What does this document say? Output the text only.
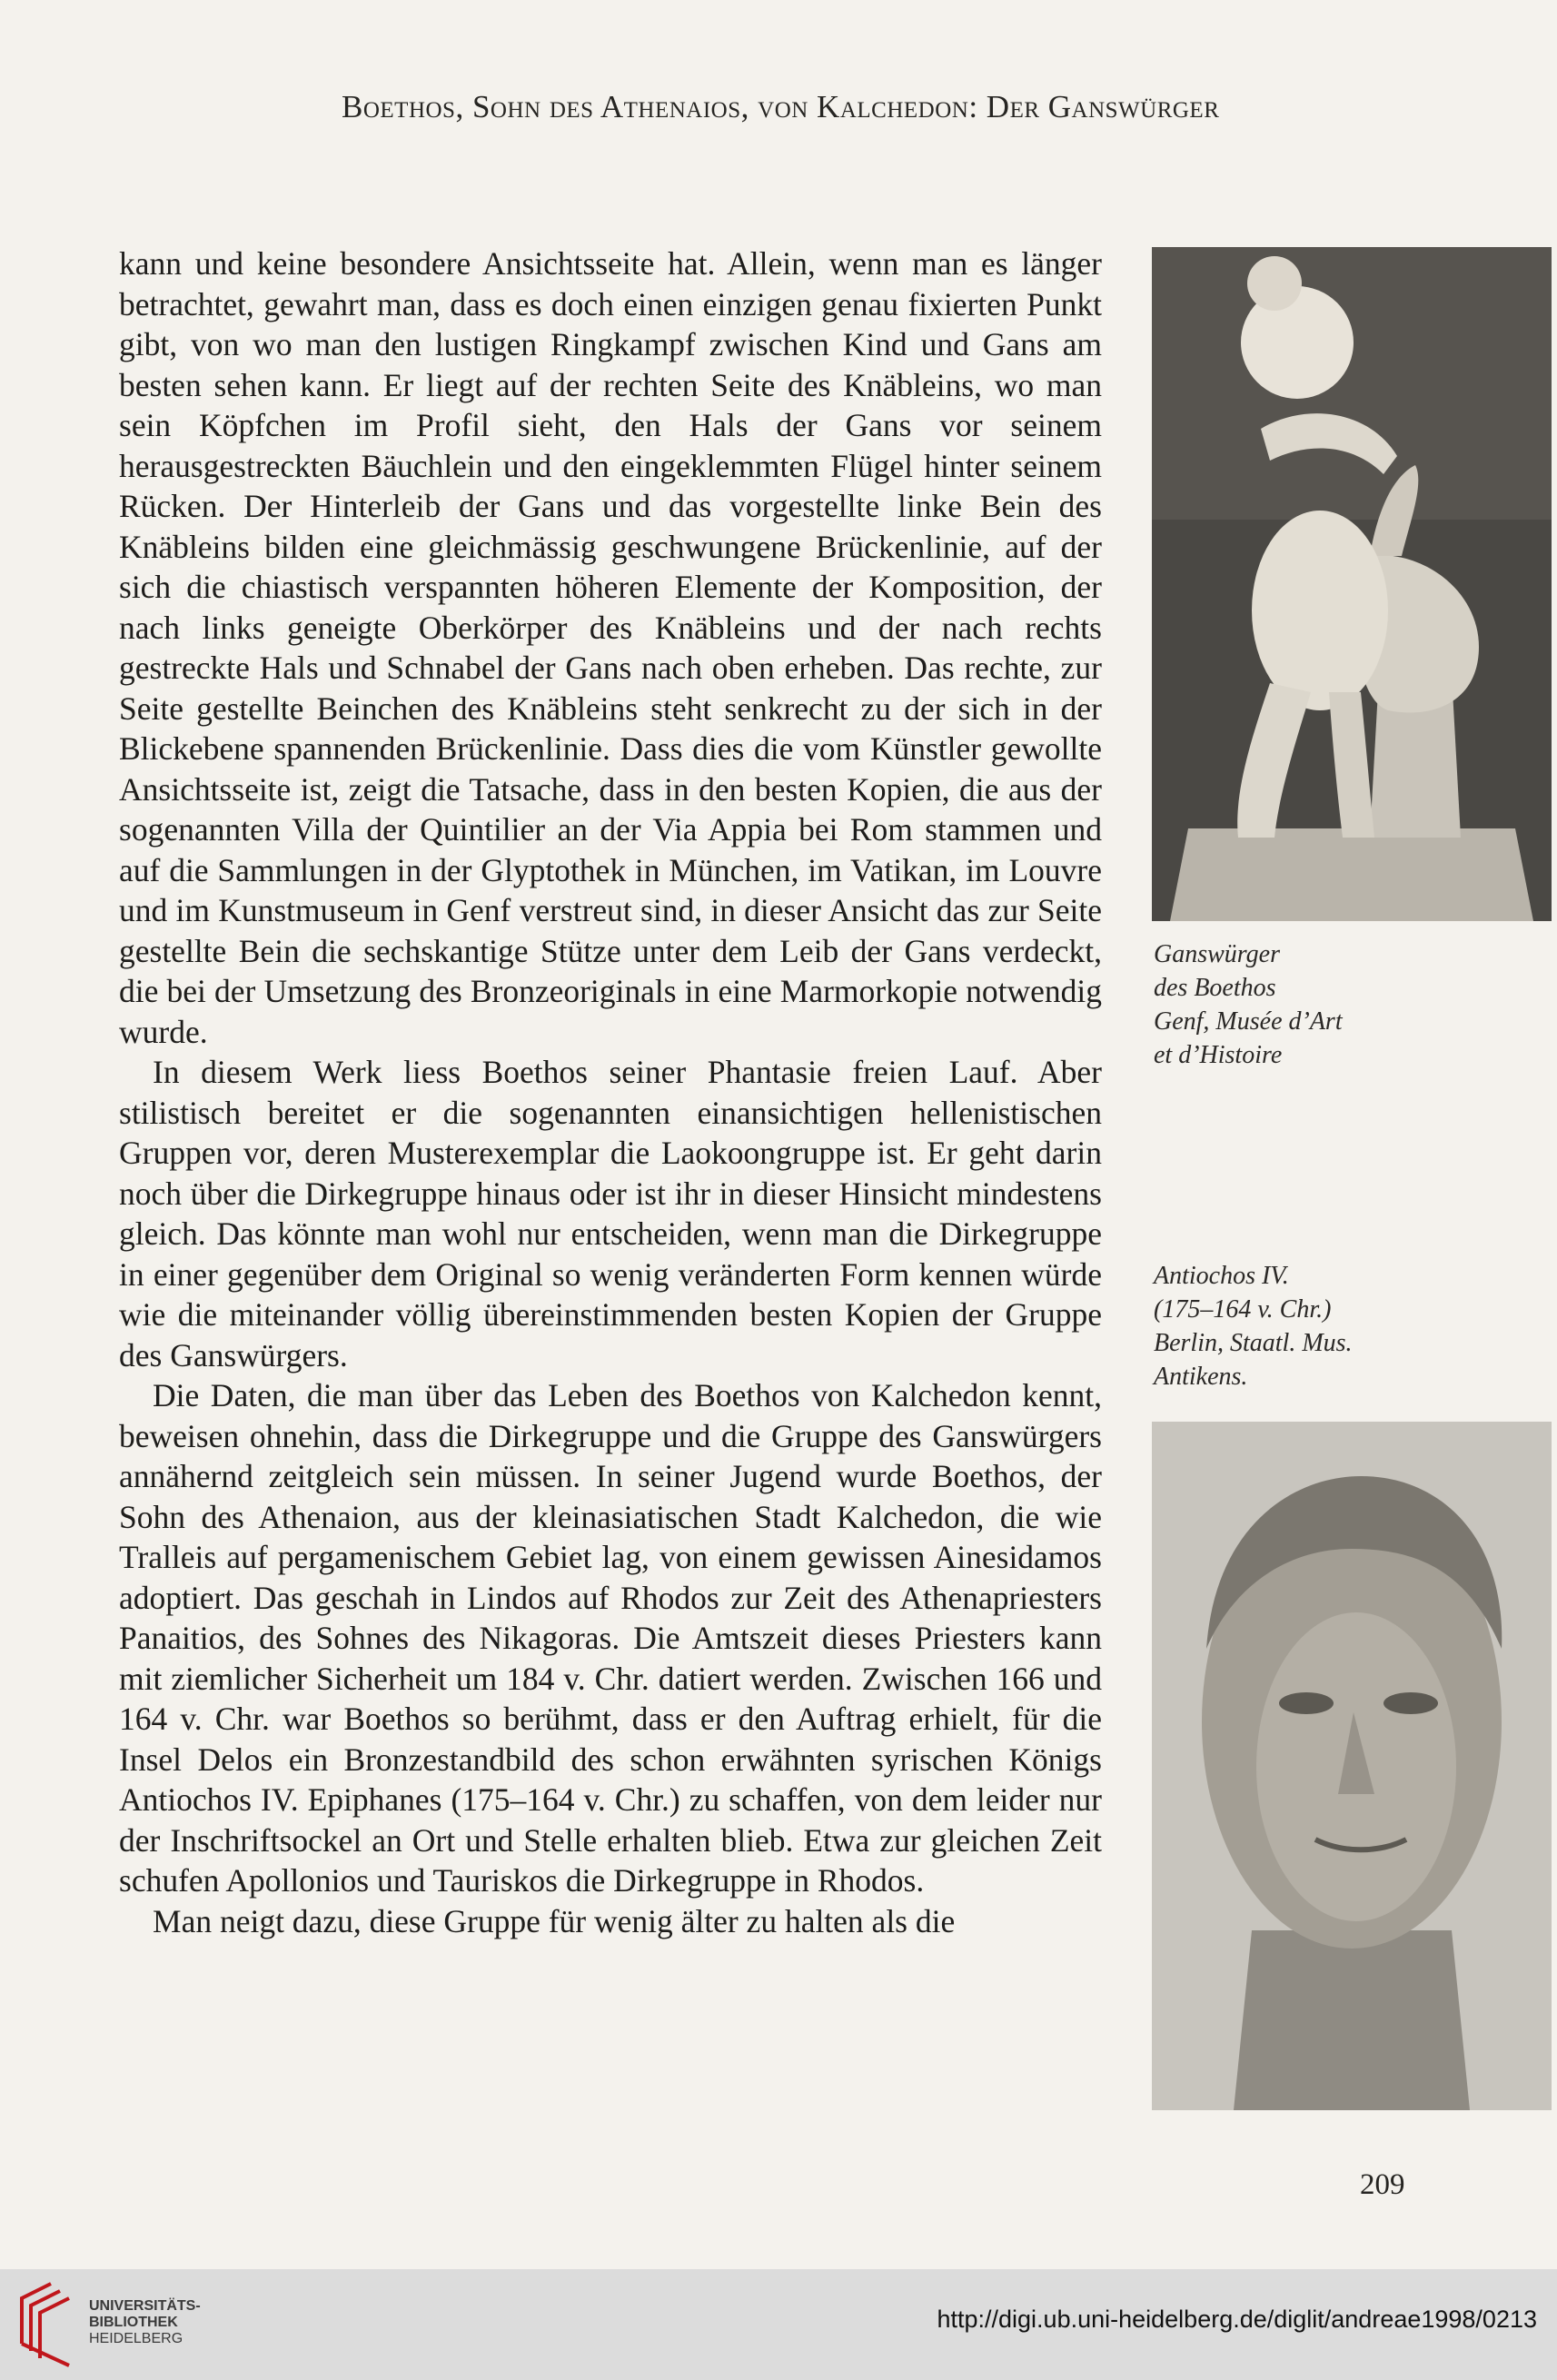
Boethos, Sohn des Athenaios, von Kalchedon: Der Ganswürger

kann und keine besondere Ansichtsseite hat. Allein, wenn man es länger betrachtet, gewahrt man, dass es doch einen einzigen genau fixierten Punkt gibt, von wo man den lustigen Ringkampf zwischen Kind und Gans am besten sehen kann. Er liegt auf der rechten Seite des Knäbleins, wo man sein Köpfchen im Profil sieht, den Hals der Gans vor seinem herausgestreckten Bäuchlein und den eingeklemmten Flügel hinter seinem Rücken. Der Hinterleib der Gans und das vorgestellte linke Bein des Knäbleins bilden eine gleichmässig geschwungene Brückenlinie, auf der sich die chiastisch verspannten höheren Elemente der Komposition, der nach links geneigte Oberkörper des Knäbleins und der nach rechts gestreckte Hals und Schnabel der Gans nach oben erheben. Das rechte, zur Seite gestellte Beinchen des Knäbleins steht senkrecht zu der sich in der Blickebene spannenden Brückenlinie. Dass dies die vom Künstler gewollte Ansichtsseite ist, zeigt die Tatsache, dass in den besten Kopien, die aus der sogenannten Villa der Quintilier an der Via Appia bei Rom stammen und auf die Sammlungen in der Glyptothek in München, im Vatikan, im Louvre und im Kunstmuseum in Genf verstreut sind, in dieser Ansicht das zur Seite gestellte Bein die sechskantige Stütze unter dem Leib der Gans verdeckt, die bei der Umsetzung des Bronzeoriginals in eine Marmorkopie notwendig wurde.

In diesem Werk liess Boethos seiner Phantasie freien Lauf. Aber stilistisch bereitet er die sogenannten einansichtigen hellenistischen Gruppen vor, deren Musterexemplar die Laokoongruppe ist. Er geht darin noch über die Dirkegruppe hinaus oder ist ihr in dieser Hinsicht mindestens gleich. Das könnte man wohl nur entscheiden, wenn man die Dirkegruppe in einer gegenüber dem Original so wenig veränderten Form kennen würde wie die miteinander völlig übereinstimmenden besten Kopien der Gruppe des Ganswürgers.

Die Daten, die man über das Leben des Boethos von Kalchedon kennt, beweisen ohnehin, dass die Dirkegruppe und die Gruppe des Ganswürgers annähernd zeitgleich sein müssen. In seiner Jugend wurde Boethos, der Sohn des Athenaion, aus der kleinasiatischen Stadt Kalchedon, die wie Tralleis auf pergamenischem Gebiet lag, von einem gewissen Ainesidamos adoptiert. Das geschah in Lindos auf Rhodos zur Zeit des Athenapriesters Panaitios, des Sohnes des Nikagoras. Die Amtszeit dieses Priesters kann mit ziemlicher Sicherheit um 184 v. Chr. datiert werden. Zwischen 166 und 164 v. Chr. war Boethos so berühmt, dass er den Auftrag erhielt, für die Insel Delos ein Bronzestandbild des schon erwähnten syrischen Königs Antiochos IV. Epiphanes (175–164 v. Chr.) zu schaffen, von dem leider nur der Inschriftsockel an Ort und Stelle erhalten blieb. Etwa zur gleichen Zeit schufen Apollonios und Tauriskos die Dirkegruppe in Rhodos.

Man neigt dazu, diese Gruppe für wenig älter zu halten als die

Ganswürger
des Boethos
Genf, Musée d’Art
et d’Histoire
Antiochos IV.
(175–164 v. Chr.)
Berlin, Staatl. Mus.
Antikens.
209
UNIVERSITÄTS-
BIBLIOTHEK
HEIDELBERG
http://digi.ub.uni-heidelberg.de/diglit/andreae1998/0213
